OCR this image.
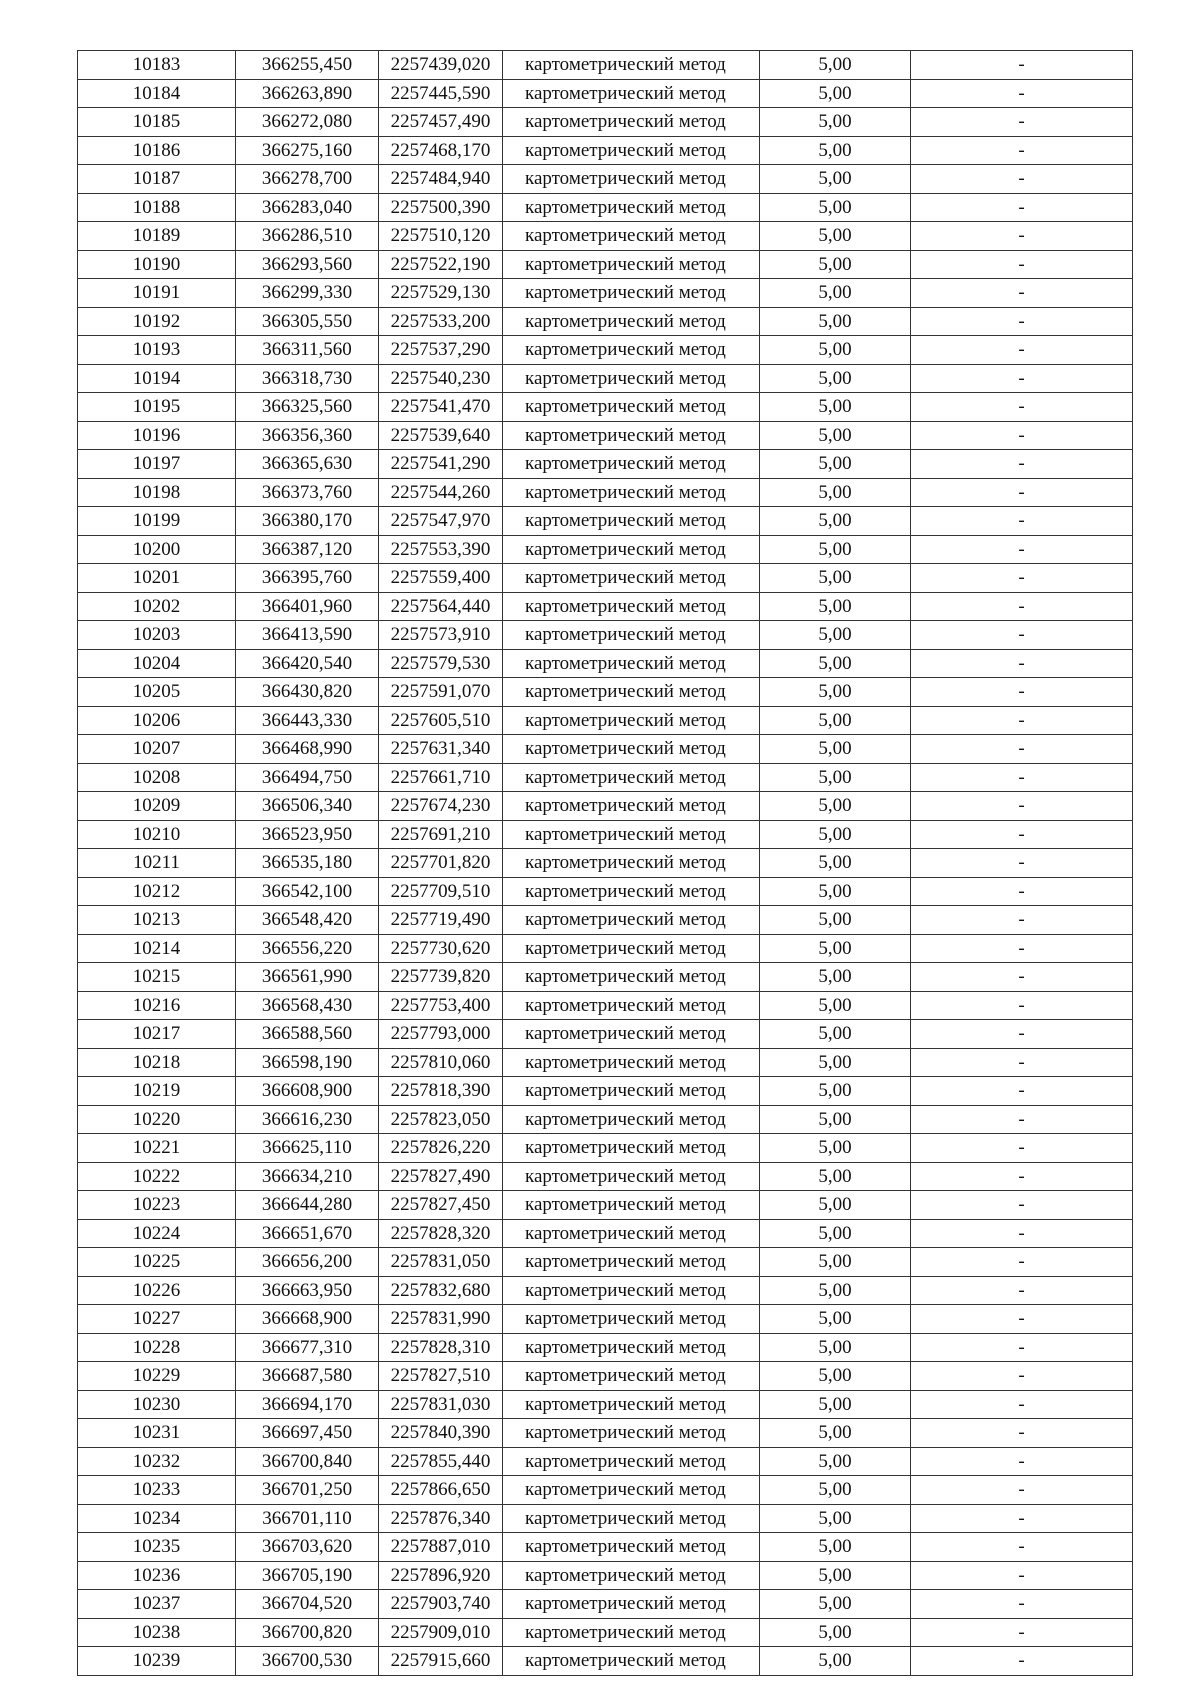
10183	366255,450	2257439,020	картометрический метод	5,00	-
10184	366263,890	2257445,590	картометрический метод	5,00	-
10185	366272,080	2257457,490	картометрический метод	5,00	-
10186	366275,160	2257468,170	картометрический метод	5,00	-
10187	366278,700	2257484,940	картометрический метод	5,00	-
10188	366283,040	2257500,390	картометрический метод	5,00	-
10189	366286,510	2257510,120	картометрический метод	5,00	-
10190	366293,560	2257522,190	картометрический метод	5,00	-
10191	366299,330	2257529,130	картометрический метод	5,00	-
10192	366305,550	2257533,200	картометрический метод	5,00	-
10193	366311,560	2257537,290	картометрический метод	5,00	-
10194	366318,730	2257540,230	картометрический метод	5,00	-
10195	366325,560	2257541,470	картометрический метод	5,00	-
10196	366356,360	2257539,640	картометрический метод	5,00	-
10197	366365,630	2257541,290	картометрический метод	5,00	-
10198	366373,760	2257544,260	картометрический метод	5,00	-
10199	366380,170	2257547,970	картометрический метод	5,00	-
10200	366387,120	2257553,390	картометрический метод	5,00	-
10201	366395,760	2257559,400	картометрический метод	5,00	-
10202	366401,960	2257564,440	картометрический метод	5,00	-
10203	366413,590	2257573,910	картометрический метод	5,00	-
10204	366420,540	2257579,530	картометрический метод	5,00	-
10205	366430,820	2257591,070	картометрический метод	5,00	-
10206	366443,330	2257605,510	картометрический метод	5,00	-
10207	366468,990	2257631,340	картометрический метод	5,00	-
10208	366494,750	2257661,710	картометрический метод	5,00	-
10209	366506,340	2257674,230	картометрический метод	5,00	-
10210	366523,950	2257691,210	картометрический метод	5,00	-
10211	366535,180	2257701,820	картометрический метод	5,00	-
10212	366542,100	2257709,510	картометрический метод	5,00	-
10213	366548,420	2257719,490	картометрический метод	5,00	-
10214	366556,220	2257730,620	картометрический метод	5,00	-
10215	366561,990	2257739,820	картометрический метод	5,00	-
10216	366568,430	2257753,400	картометрический метод	5,00	-
10217	366588,560	2257793,000	картометрический метод	5,00	-
10218	366598,190	2257810,060	картометрический метод	5,00	-
10219	366608,900	2257818,390	картометрический метод	5,00	-
10220	366616,230	2257823,050	картометрический метод	5,00	-
10221	366625,110	2257826,220	картометрический метод	5,00	-
10222	366634,210	2257827,490	картометрический метод	5,00	-
10223	366644,280	2257827,450	картометрический метод	5,00	-
10224	366651,670	2257828,320	картометрический метод	5,00	-
10225	366656,200	2257831,050	картометрический метод	5,00	-
10226	366663,950	2257832,680	картометрический метод	5,00	-
10227	366668,900	2257831,990	картометрический метод	5,00	-
10228	366677,310	2257828,310	картометрический метод	5,00	-
10229	366687,580	2257827,510	картометрический метод	5,00	-
10230	366694,170	2257831,030	картометрический метод	5,00	-
10231	366697,450	2257840,390	картометрический метод	5,00	-
10232	366700,840	2257855,440	картометрический метод	5,00	-
10233	366701,250	2257866,650	картометрический метод	5,00	-
10234	366701,110	2257876,340	картометрический метод	5,00	-
10235	366703,620	2257887,010	картометрический метод	5,00	-
10236	366705,190	2257896,920	картометрический метод	5,00	-
10237	366704,520	2257903,740	картометрический метод	5,00	-
10238	366700,820	2257909,010	картометрический метод	5,00	-
10239	366700,530	2257915,660	картометрический метод	5,00	-
